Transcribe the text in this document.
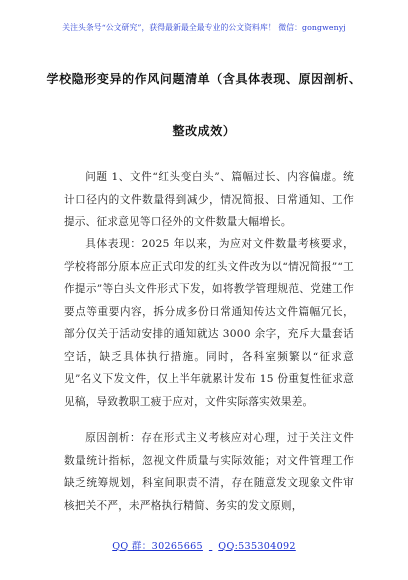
关注头条号“公文研究”，获得最新最全最专业的公文资料库！ 微信：gongwenyj
学校隐形变异的作风问题清单（含具体表现、原因剖析、
整改成效）

问题 1、文件“红头变白头”、篇幅过长、内容偏虚。统计口径内的文件数量得到减少，情况简报、日常通知、工作提示、征求意见等口径外的文件数量大幅增长。

具体表现：2025 年以来，为应对文件数量考核要求，学校将部分原本应正式印发的红头文件改为以“情况简报”“工作提示”等白头文件形式下发，如将教学管理规范、党建工作要点等重要内容，拆分成多份日常通知传达文件篇幅冗长，部分仅关于活动安排的通知就达 3000 余字，充斥大量套话空话，缺乏具体执行措施。同时，各科室频繁以“征求意见”名义下发文件，仅上半年就累计发布 15 份重复性征求意见稿，导致教职工疲于应对，文件实际落实效果差。

原因剖析：存在形式主义考核应对心理，过于关注文件数量统计指标，忽视文件质量与实际效能；对文件管理工作缺乏统筹规划，科室间职责不清，存在随意发文现象文件审核把关不严，未严格执行精简、务实的发文原则，

QQ 群：30265665 QQ:535304092
